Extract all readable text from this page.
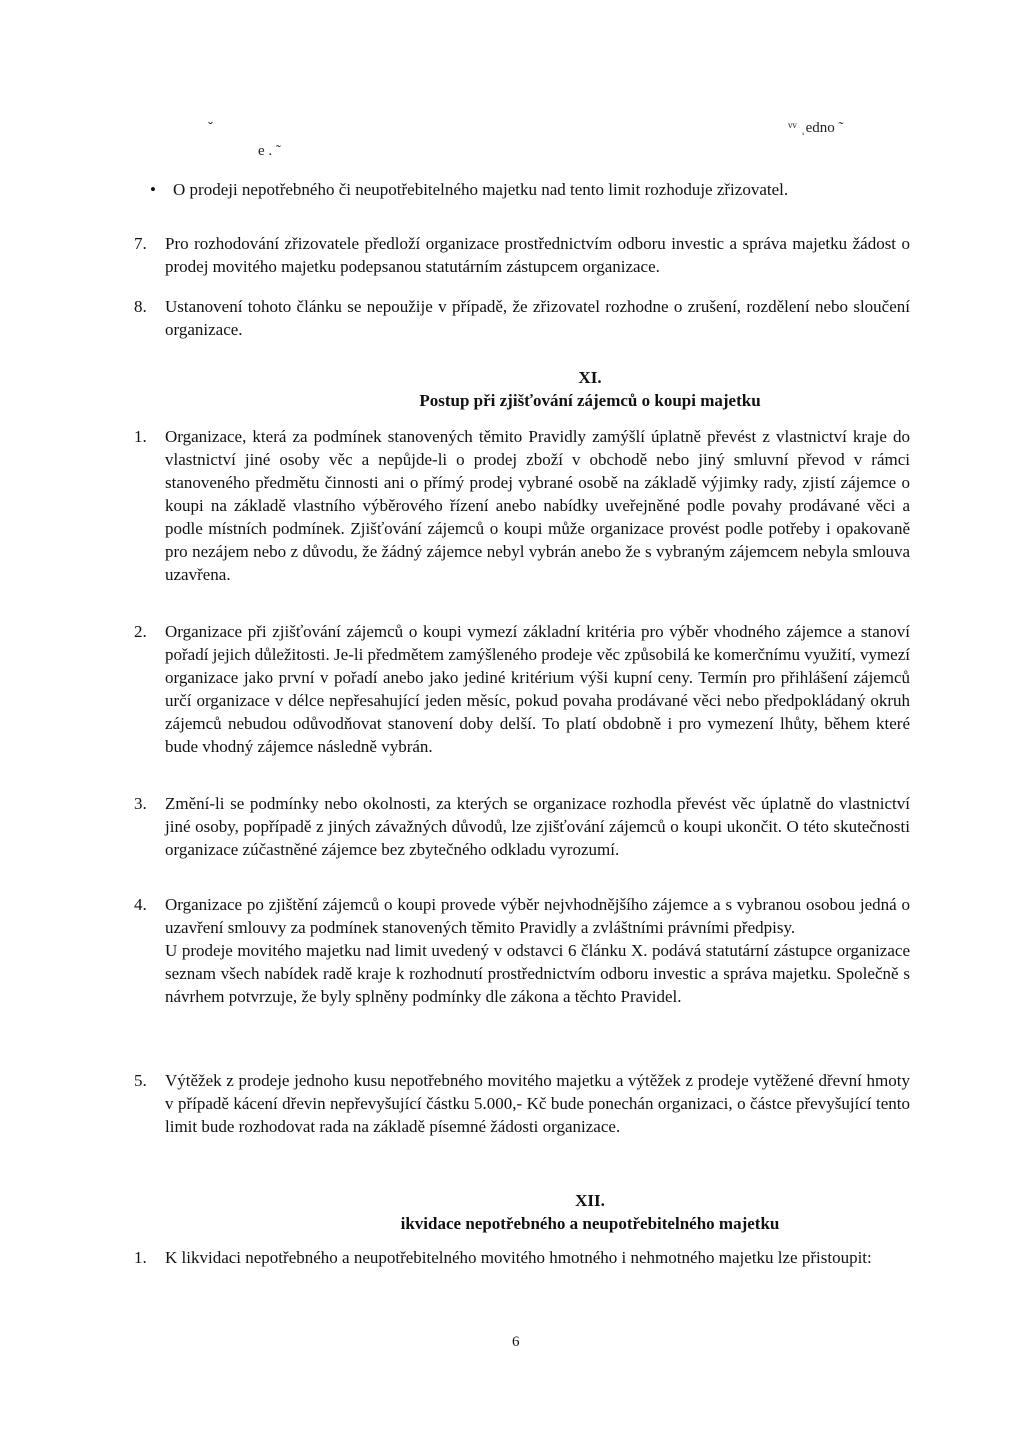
ˇ
e . ˜
ᵛᵛ ˌedno ˜
• O prodeji nepotřebného či neupotřebitelného majetku nad tento limit rozhoduje zřizovatel.
7.	Pro rozhodování zřizovatele předloží organizace prostřednictvím odboru investic a správa majetku žádost o prodej movitého majetku podepsanou statutárním zástupcem organizace.
8.	Ustanovení tohoto článku se nepoužije v případě, že zřizovatel rozhodne o zrušení, rozdělení nebo sloučení organizace.
XI.
Postup při zjišťování zájemců o koupi majetku
1.	Organizace, která za podmínek stanovených těmito Pravidly zamýšlí úplatně převést z vlastnictví kraje do vlastnictví jiné osoby věc a nepůjde-li o prodej zboží v obchodě nebo jiný smluvní převod v rámci stanoveného předmětu činnosti ani o přímý prodej vybrané osobě na základě výjimky rady, zjistí zájemce o koupi na základě vlastního výběrového řízení anebo nabídky uveřejněné podle povahy prodávané věci a podle místních podmínek. Zjišťování zájemců o koupi může organizace provést podle potřeby i opakovaně pro nezájem nebo z důvodu, že žádný zájemce nebyl vybrán anebo že s vybraným zájemcem nebyla smlouva uzavřena.
2.	Organizace při zjišťování zájemců o koupi vymezí základní kritéria pro výběr vhodného zájemce a stanoví pořadí jejich důležitosti. Je-li předmětem zamýšleného prodeje věc způsobilá ke komerčnímu využití, vymezí organizace jako první v pořadí anebo jako jediné kritérium výši kupní ceny. Termín pro přihlášení zájemců určí organizace v délce nepřesahující jeden měsíc, pokud povaha prodávané věci nebo předpokládaný okruh zájemců nebudou odůvodňovat stanovení doby delší. To platí obdobně i pro vymezení lhůty, během které bude vhodný zájemce následně vybrán.
3.	Změní-li se podmínky nebo okolnosti, za kterých se organizace rozhodla převést věc úplatně do vlastnictví jiné osoby, popřípadě z jiných závažných důvodů, lze zjišťování zájemců o koupi ukončit. O této skutečnosti organizace zúčastněné zájemce bez zbytečného odkladu vyrozumí.
4.	Organizace po zjištění zájemců o koupi provede výběr nejvhodnějšího zájemce a s vybranou osobou jedná o uzavření smlouvy za podmínek stanovených těmito Pravidly a zvláštními právními předpisy.

U prodeje movitého majetku nad limit uvedený v odstavci 6 článku X. podává statutární zástupce organizace seznam všech nabídek radě kraje k rozhodnutí prostřednictvím odboru investic a správa majetku. Společně s návrhem potvrzuje, že byly splněny podmínky dle zákona a těchto Pravidel.

5.	Výtěžek z prodeje jednoho kusu nepotřebného movitého majetku a výtěžek z prodeje vytěžené dřevní hmoty v případě kácení dřevin nepřevyšující částku 5.000,- Kč bude ponechán organizaci, o částce převyšující tento limit bude rozhodovat rada na základě písemné žádosti organizace.
XII.
ikvidace nepotřebného a neupotřebitelného majetku
1.	K likvidaci nepotřebného a neupotřebitelného movitého hmotného i nehmotného majetku lze přistoupit:
6
